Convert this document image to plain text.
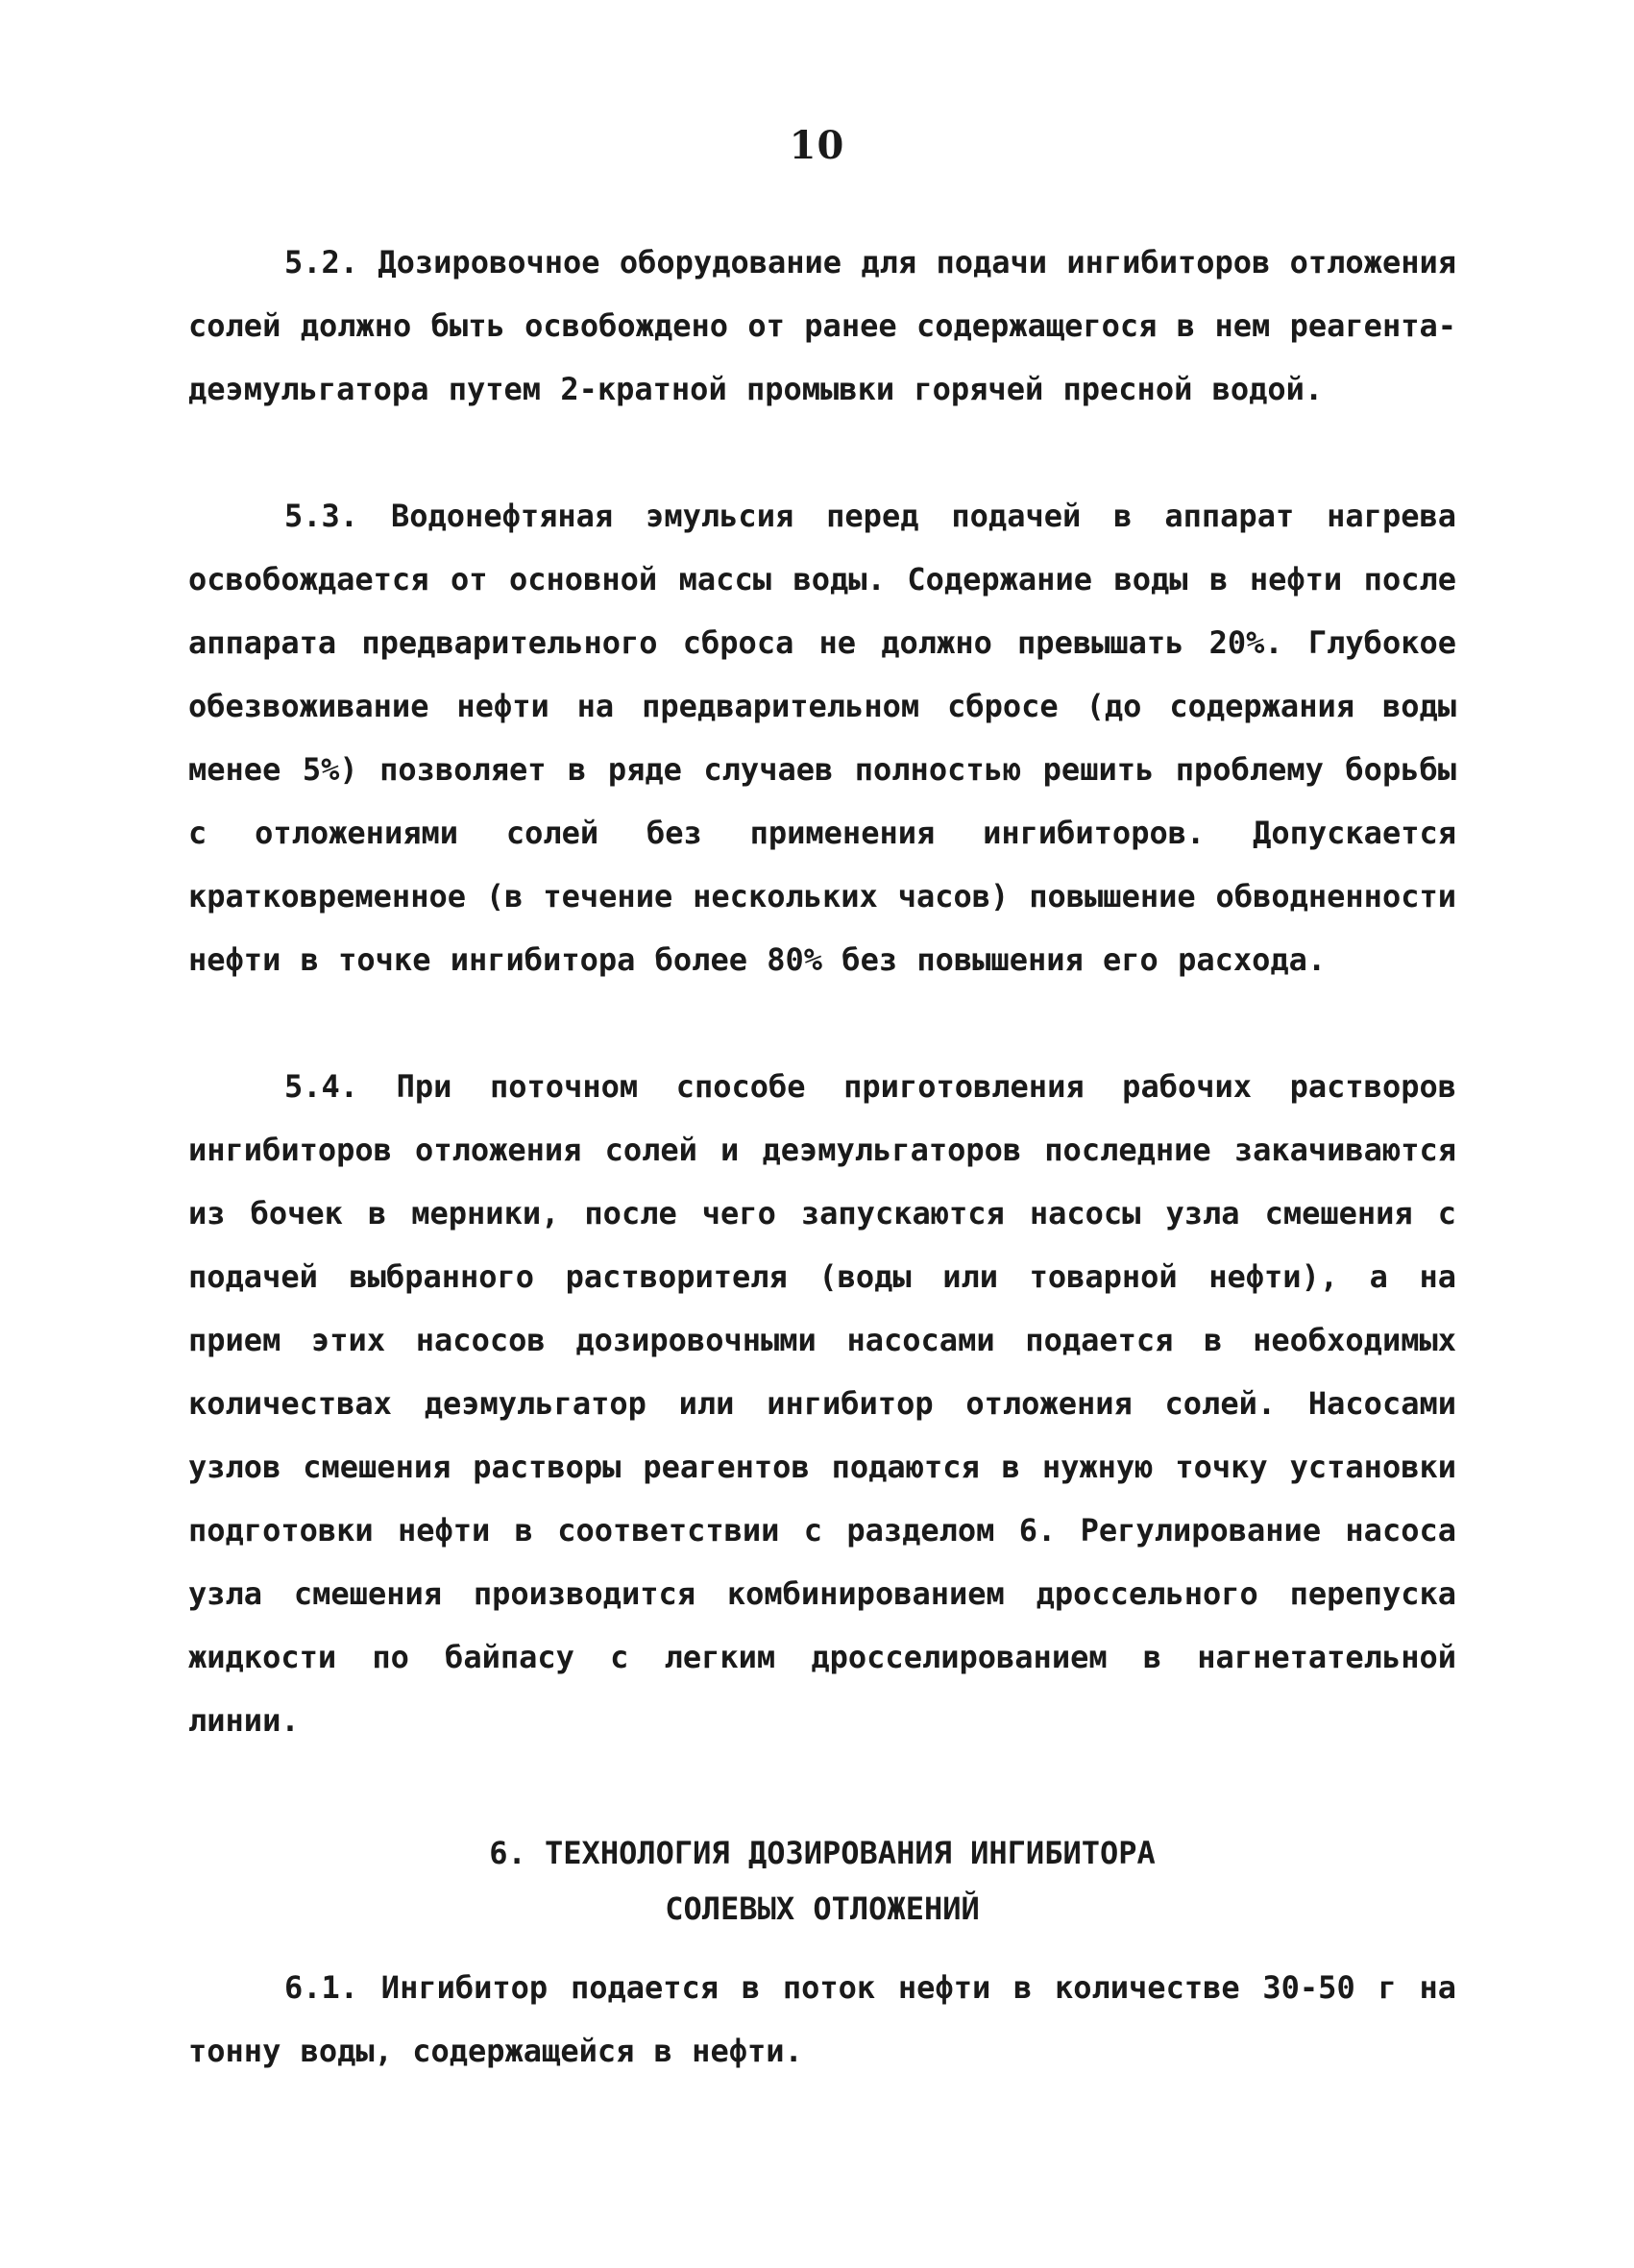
10

5.2. Дозировочное оборудование для подачи ингибиторов отложения солей должно быть освобождено от ранее содержащегося в нем реагента-деэмульгатора путем 2-кратной промывки горячей пресной водой.

5.3. Водонефтяная эмульсия перед подачей в аппарат нагрева освобождается от основной массы воды. Содержание воды в нефти после аппарата предварительного сброса не должно превышать 20%. Глубокое обезвоживание нефти на предварительном сбросе (до содержания воды менее 5%) позволяет в ряде случаев полностью решить проблему борьбы с отложениями солей без применения ингибиторов. Допускается кратковременное (в течение нескольких часов) повышение обводненности нефти в точке ингибитора более 80% без повышения его расхода.

5.4. При поточном способе приготовления рабочих растворов ингибиторов отложения солей и деэмульгаторов последние закачиваются из бочек в мерники, после чего запускаются насосы узла смешения с подачей выбранного растворителя (воды или товарной нефти), а на прием этих насосов дозировочными насосами подается в необходимых количествах деэмульгатор или ингибитор отложения солей. Насосами узлов смешения растворы реагентов подаются в нужную точку установки подготовки нефти в соответствии с разделом 6. Регулирование насоса узла смешения производится комбинированием дроссельного перепуска жидкости по байпасу с легким дросселированием в нагнетательной линии.

6. ТЕХНОЛОГИЯ ДОЗИРОВАНИЯ ИНГИБИТОРА
СОЛЕВЫХ ОТЛОЖЕНИЙ

6.1. Ингибитор подается в поток нефти в количестве 30-50 г на тонну воды, содержащейся в нефти.
